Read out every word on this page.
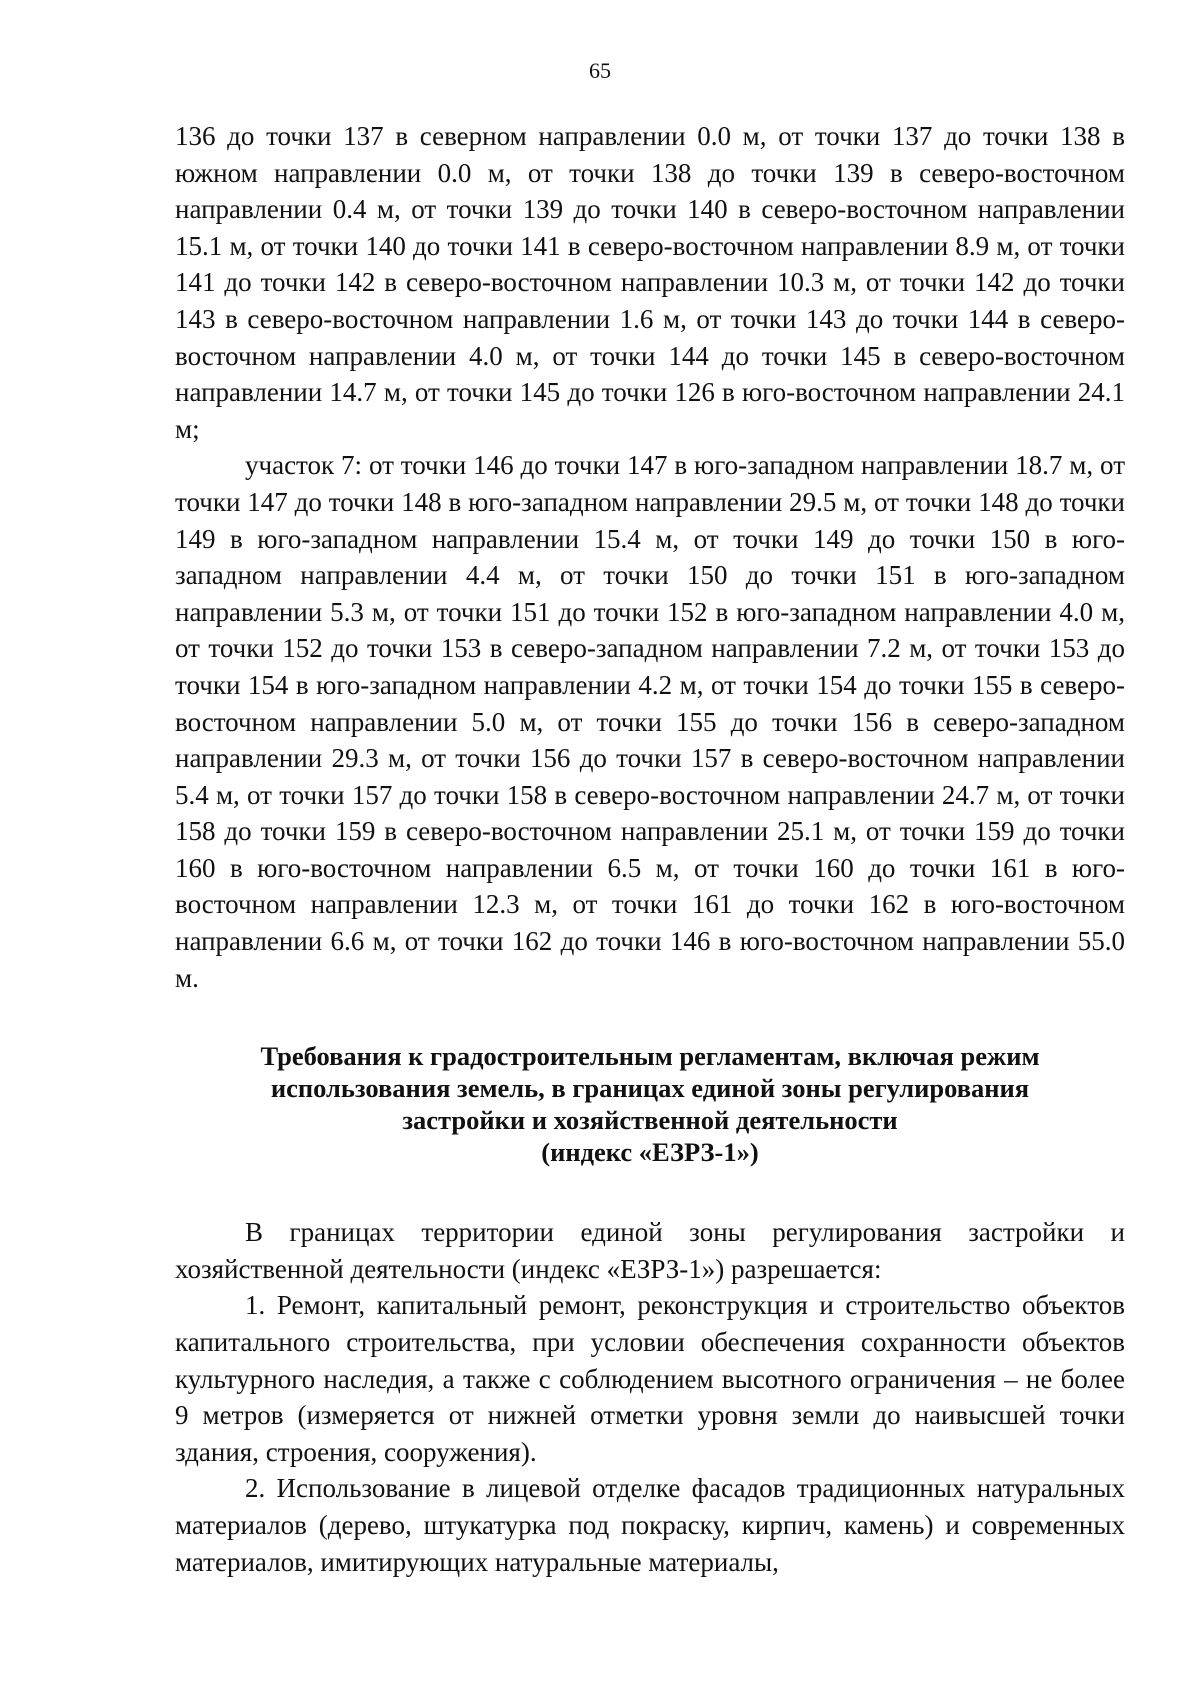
65

136 до точки 137 в северном направлении 0.0 м, от точки 137 до точки 138 в южном направлении 0.0 м, от точки 138 до точки 139 в северо-восточном направлении 0.4 м, от точки 139 до точки 140 в северо-восточном направлении 15.1 м, от точки 140 до точки 141 в северо-восточном направлении 8.9 м, от точки 141 до точки 142 в северо-восточном направлении 10.3 м, от точки 142 до точки 143 в северо-восточном направлении 1.6 м, от точки 143 до точки 144 в северо-восточном направлении 4.0 м, от точки 144 до точки 145 в северо-восточном направлении 14.7 м, от точки 145 до точки 126 в юго-восточном направлении 24.1 м;

участок 7: от точки 146 до точки 147 в юго-западном направлении 18.7 м, от точки 147 до точки 148 в юго-западном направлении 29.5 м, от точки 148 до точки 149 в юго-западном направлении 15.4 м, от точки 149 до точки 150 в юго-западном направлении 4.4 м, от точки 150 до точки 151 в юго-западном направлении 5.3 м, от точки 151 до точки 152 в юго-западном направлении 4.0 м, от точки 152 до точки 153 в северо-западном направлении 7.2 м, от точки 153 до точки 154 в юго-западном направлении 4.2 м, от точки 154 до точки 155 в северо-восточном направлении 5.0 м, от точки 155 до точки 156 в северо-западном направлении 29.3 м, от точки 156 до точки 157 в северо-восточном направлении 5.4 м, от точки 157 до точки 158 в северо-восточном направлении 24.7 м, от точки 158 до точки 159 в северо-восточном направлении 25.1 м, от точки 159 до точки 160 в юго-восточном направлении 6.5 м, от точки 160 до точки 161 в юго-восточном направлении 12.3 м, от точки 161 до точки 162 в юго-восточном направлении 6.6 м, от точки 162 до точки 146 в юго-восточном направлении 55.0 м.

Требования к градостроительным регламентам, включая режим
использования земель, в границах единой зоны регулирования
застройки и хозяйственной деятельности
(индекс «ЕЗРЗ-1»)

В границах территории единой зоны регулирования застройки и хозяйственной деятельности (индекс «ЕЗРЗ-1») разрешается:

1. Ремонт, капитальный ремонт, реконструкция и строительство объектов капитального строительства, при условии обеспечения сохранности объектов культурного наследия, а также с соблюдением высотного ограничения – не более 9 метров (измеряется от нижней отметки уровня земли до наивысшей точки здания, строения, сооружения).

2. Использование в лицевой отделке фасадов традиционных натуральных материалов (дерево, штукатурка под покраску, кирпич, камень) и современных материалов, имитирующих натуральные материалы,
